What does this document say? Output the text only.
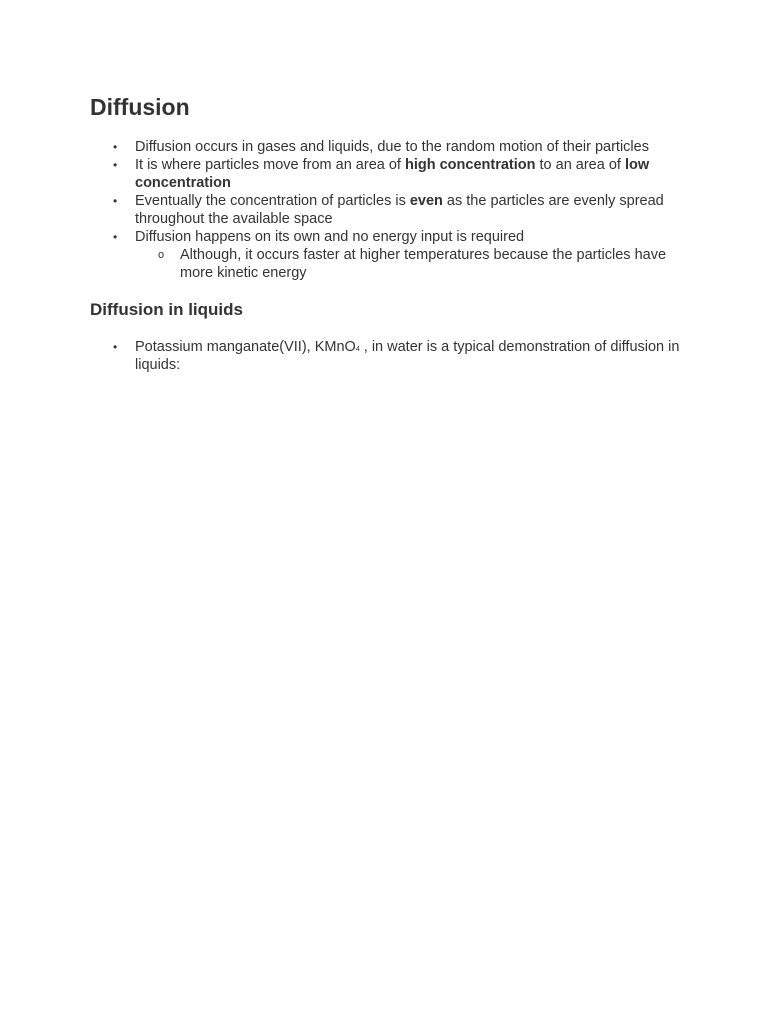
Diffusion
• Diffusion occurs in gases and liquids, due to the random motion of their particles
• It is where particles move from an area of high concentration to an area of low concentration
• Eventually the concentration of particles is even as the particles are evenly spread throughout the available space
• Diffusion happens on its own and no energy input is required
o Although, it occurs faster at higher temperatures because the particles have more kinetic energy
Diffusion in liquids
• Potassium manganate(VII), KMnO4 , in water is a typical demonstration of diffusion in liquids:
